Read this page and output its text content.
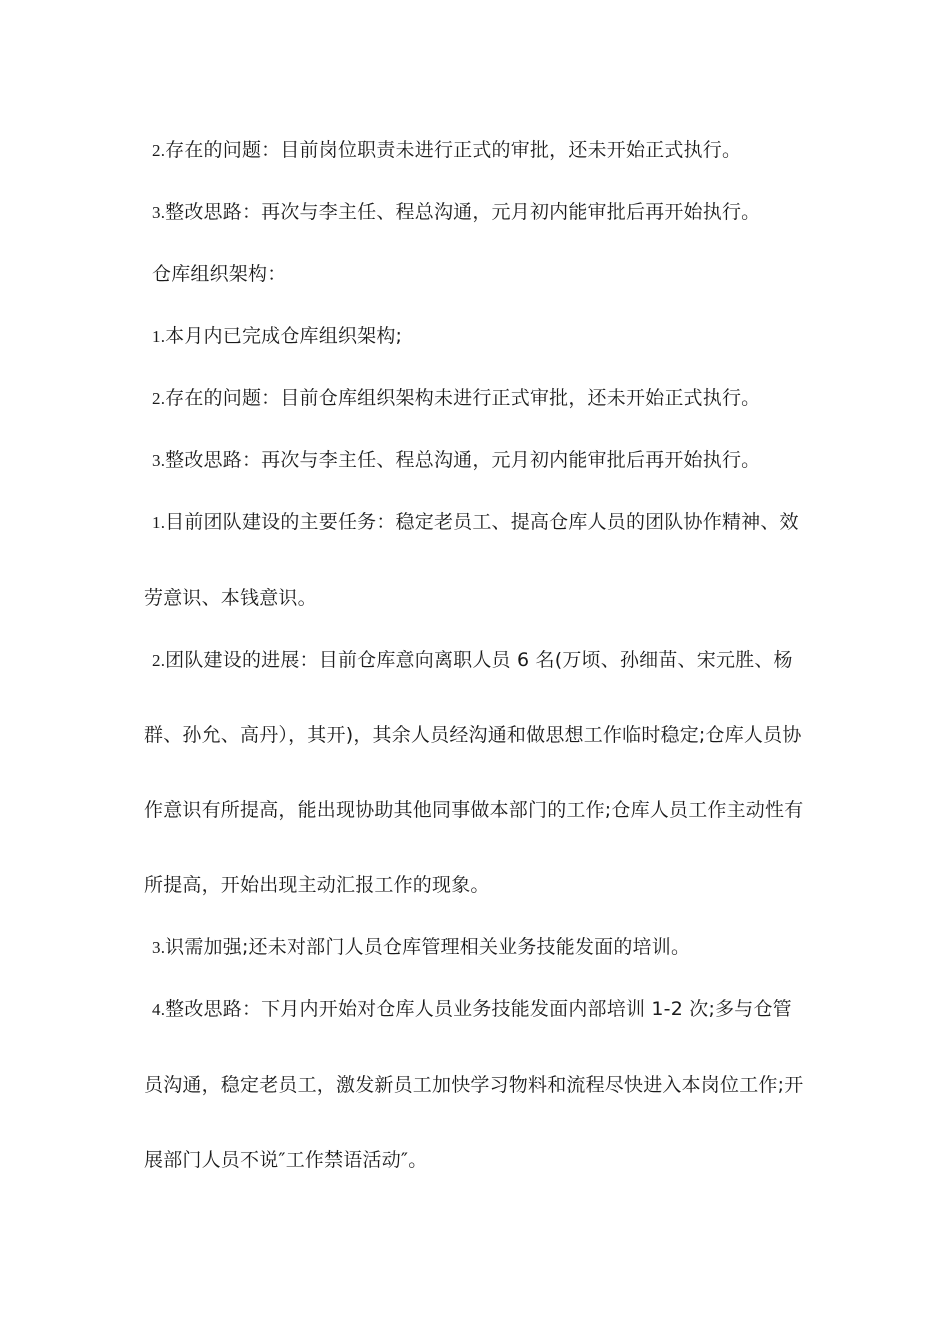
2.存在的问题：目前岗位职责未进行正式的审批，还未开始正式执行。

3.整改思路：再次与李主任、程总沟通，元月初内能审批后再开始执行。

仓库组织架构：

1.本月内已完成仓库组织架构;

2.存在的问题：目前仓库组织架构未进行正式审批，还未开始正式执行。

3.整改思路：再次与李主任、程总沟通，元月初内能审批后再开始执行。

1.目前团队建设的主要任务：稳定老员工、提高仓库人员的团队协作精神、效

劳意识、本钱意识。

2.团队建设的进展：目前仓库意向离职人员 6 名(万顷、孙细苗、宋元胜、杨

群、孙允、高丹），其开)，其余人员经沟通和做思想工作临时稳定;仓库人员协

作意识有所提高，能出现协助其他同事做本部门的工作;仓库人员工作主动性有

所提高，开始出现主动汇报工作的现象。

3.识需加强;还未对部门人员仓库管理相关业务技能发面的培训。

4.整改思路：下月内开始对仓库人员业务技能发面内部培训 1-2 次;多与仓管

员沟通，稳定老员工，激发新员工加快学习物料和流程尽快进入本岗位工作;开

展部门人员不说″工作禁语活动″。
